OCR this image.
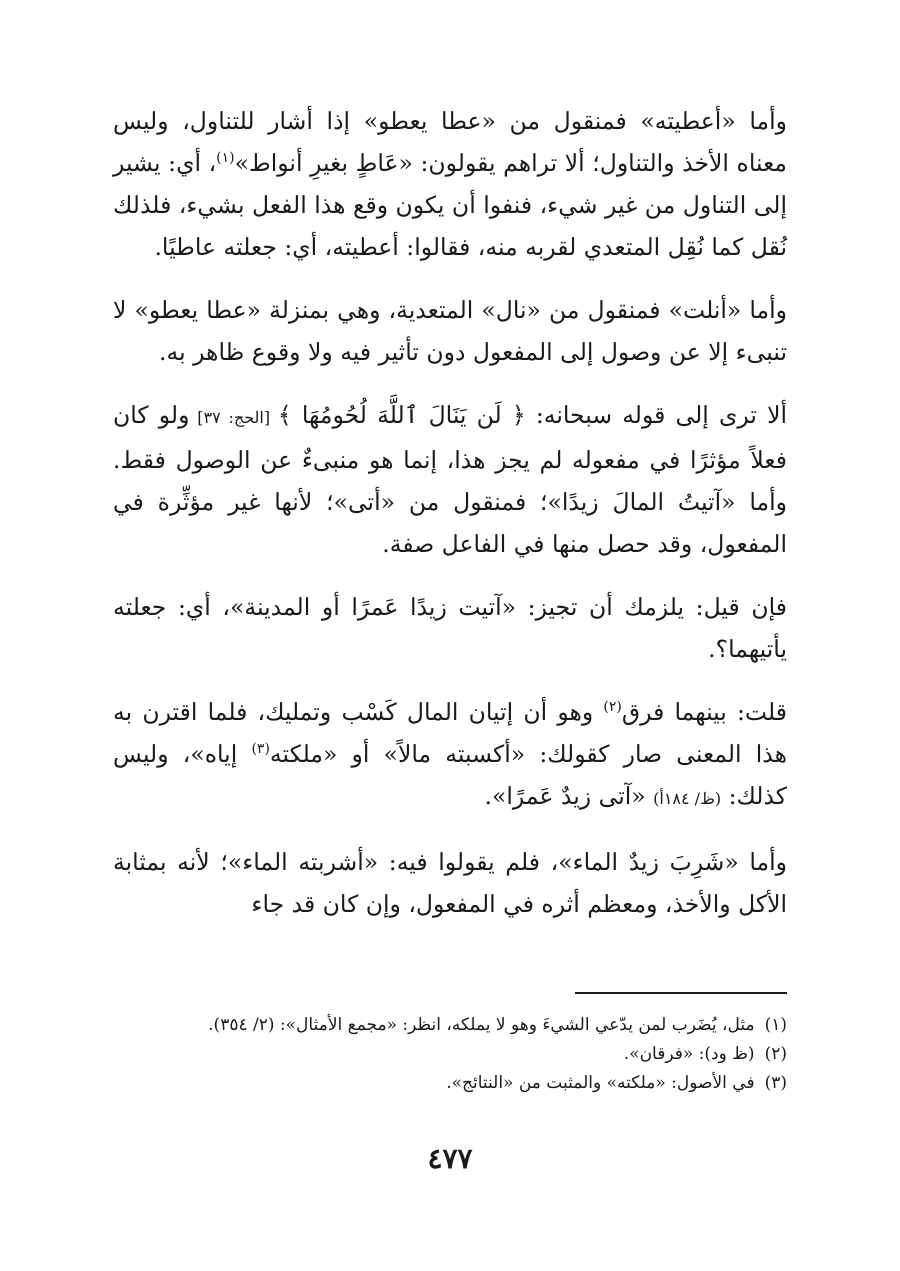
وأما «أعطيته» فمنقول من «عطا يعطو» إذا أشار للتناول، وليس معناه الأخذ والتناول؛ ألا تراهم يقولون: «عَاطٍ بغيرِ أنواط»$^{(١)}$، أي: يشير إلى التناول من غير شيء، فنفوا أن يكون وقع هذا الفعل بشيء، فلذلك نُقل كما نُقِل المتعدي لقربه منه، فقالوا: أعطيته، أي: جعلته عاطيًا.

وأما «أنلت» فمنقول من «نال» المتعدية، وهي بمنزلة «عطا يعطو» لا تنبىء إلا عن وصول إلى المفعول دون تأثير فيه ولا وقوع ظاهر به.

ألا ترى إلى قوله سبحانه: ﴿ لَن يَنَالَ ٱللَّهَ لُحُومُهَا ﴾ [الحج: ٣٧] ولو كان فعلاً مؤثرًا في مفعوله لم يجز هذا، إنما هو منبىءٌ عن الوصول فقط. وأما «آتيتُ المالَ زيدًا»؛ فمنقول من «أتى»؛ لأنها غير مؤثِّرة في المفعول، وقد حصل منها في الفاعل صفة.

فإن قيل: يلزمك أن تجيز: «آتيت زيدًا عَمرًا أو المدينة»، أي: جعلته يأتيهما؟.

قلت: بينهما فرق$^{(٢)}$ وهو أن إتيان المال كَسْب وتمليك، فلما اقترن به هذا المعنى صار كقولك: «أكسبته مالاً» أو «ملكته$^{(٣)}$ إياه»، وليس كذلك: (ظ/ ١٨٤أ) «آتى زيدٌ عَمرًا».

وأما «شَرِبَ زيدٌ الماء»، فلم يقولوا فيه: «أشربته الماء»؛ لأنه بمثابة الأكل والأخذ، ومعظم أثره في المفعول، وإن كان قد جاء

(١)مثل، يُضَرب لمن يدّعي الشيءَ وهو لا يملكه، انظر: «مجمع الأمثال»: (٢/ ٣٥٤).

(٢)(ظ ود): «فرقان».

(٣)في الأصول: «ملكته» والمثبت من «النتائج».

٤٧٧
